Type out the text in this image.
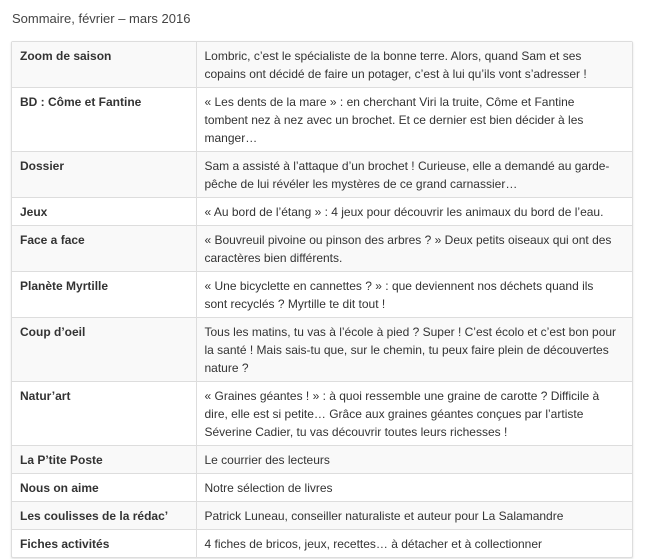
Sommaire, février – mars 2016
Zoom de saison	Lombric, c’est le spécialiste de la bonne terre. Alors, quand Sam et ses copains ont décidé de faire un potager, c’est à lui qu’ils vont s’adresser !
BD : Côme et Fantine	« Les dents de la mare » : en cherchant Viri la truite, Côme et Fantine tombent nez à nez avec un brochet. Et ce dernier est bien décider à les manger…
Dossier	Sam a assisté à l’attaque d’un brochet ! Curieuse, elle a demandé au garde-pêche de lui révéler les mystères de ce grand carnassier…
Jeux	« Au bord de l’étang » : 4 jeux pour découvrir les animaux du bord de l’eau.
Face a face	« Bouvreuil pivoine ou pinson des arbres ? » Deux petits oiseaux qui ont des caractères bien différents.
Planète Myrtille	« Une bicyclette en cannettes ? » : que deviennent nos déchets quand ils sont recyclés ? Myrtille te dit tout !
Coup d’oeil	Tous les matins, tu vas à l’école à pied ? Super ! C’est écolo et c’est bon pour la santé ! Mais sais-tu que, sur le chemin, tu peux faire plein de découvertes nature ?
Natur’art	« Graines géantes ! » : à quoi ressemble une graine de carotte ? Difficile à dire, elle est si petite… Grâce aux graines géantes conçues par l’artiste Séverine Cadier, tu vas découvrir toutes leurs richesses !
La P’tite Poste	Le courrier des lecteurs
Nous on aime	Notre sélection de livres
Les coulisses de la rédac’	Patrick Luneau, conseiller naturaliste et auteur pour La Salamandre
Fiches activités	4 fiches de bricos, jeux, recettes… à détacher et à collectionner
